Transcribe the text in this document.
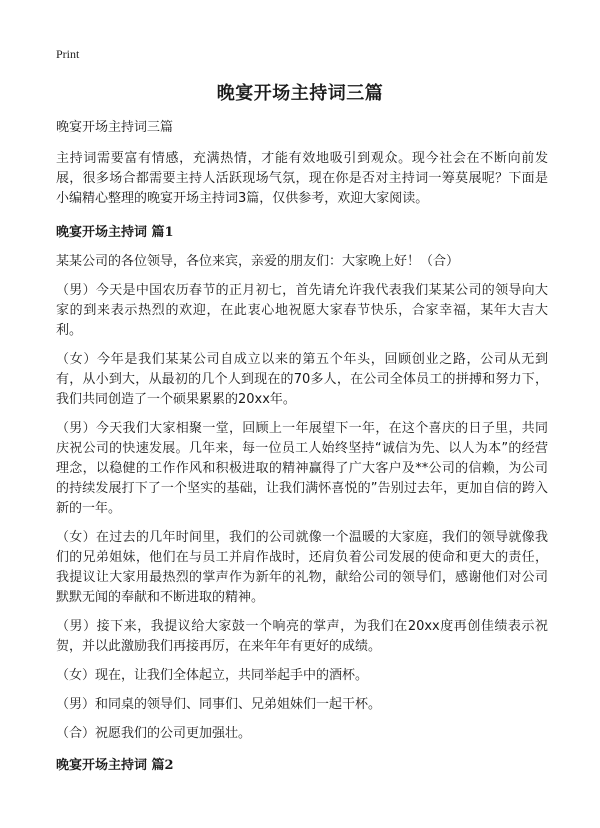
Print
晚宴开场主持词三篇

晚宴开场主持词三篇

主持词需要富有情感，充满热情，才能有效地吸引到观众。现今社会在不断向前发展，很多场合都需要主持人活跃现场气氛，现在你是否对主持词一筹莫展呢？下面是小编精心整理的晚宴开场主持词3篇，仅供参考，欢迎大家阅读。

晚宴开场主持词 篇1

某某公司的各位领导，各位来宾，亲爱的朋友们：大家晚上好！（合）

（男）今天是中国农历春节的正月初七，首先请允许我代表我们某某公司的领导向大家的到来表示热烈的欢迎，在此衷心地祝愿大家春节快乐，合家幸福，某年大吉大利。

（女）今年是我们某某公司自成立以来的第五个年头，回顾创业之路，公司从无到有，从小到大，从最初的几个人到现在的70多人，在公司全体员工的拼搏和努力下，我们共同创造了一个硕果累累的20xx年。

（男）今天我们大家相聚一堂，回顾上一年展望下一年，在这个喜庆的日子里，共同庆祝公司的快速发展。几年来，每一位员工人始终坚持“诚信为先、以人为本”的经营理念，以稳健的工作作风和积极进取的精神赢得了广大客户及**公司的信赖，为公司的持续发展打下了一个坚实的基础，让我们满怀喜悦的”告别过去年，更加自信的跨入新的一年。

（女）在过去的几年时间里，我们的公司就像一个温暖的大家庭，我们的领导就像我们的兄弟姐妹，他们在与员工并肩作战时，还肩负着公司发展的使命和更大的责任，我提议让大家用最热烈的掌声作为新年的礼物，献给公司的领导们，感谢他们对公司默默无闻的奉献和不断进取的精神。

（男）接下来，我提议给大家鼓一个响亮的掌声，为我们在20xx度再创佳绩表示祝贺，并以此激励我们再接再厉，在来年年有更好的成绩。

（女）现在，让我们全体起立，共同举起手中的酒杯。

（男）和同桌的领导们、同事们、兄弟姐妹们一起干杯。

（合）祝愿我们的公司更加强壮。

晚宴开场主持词 篇2
